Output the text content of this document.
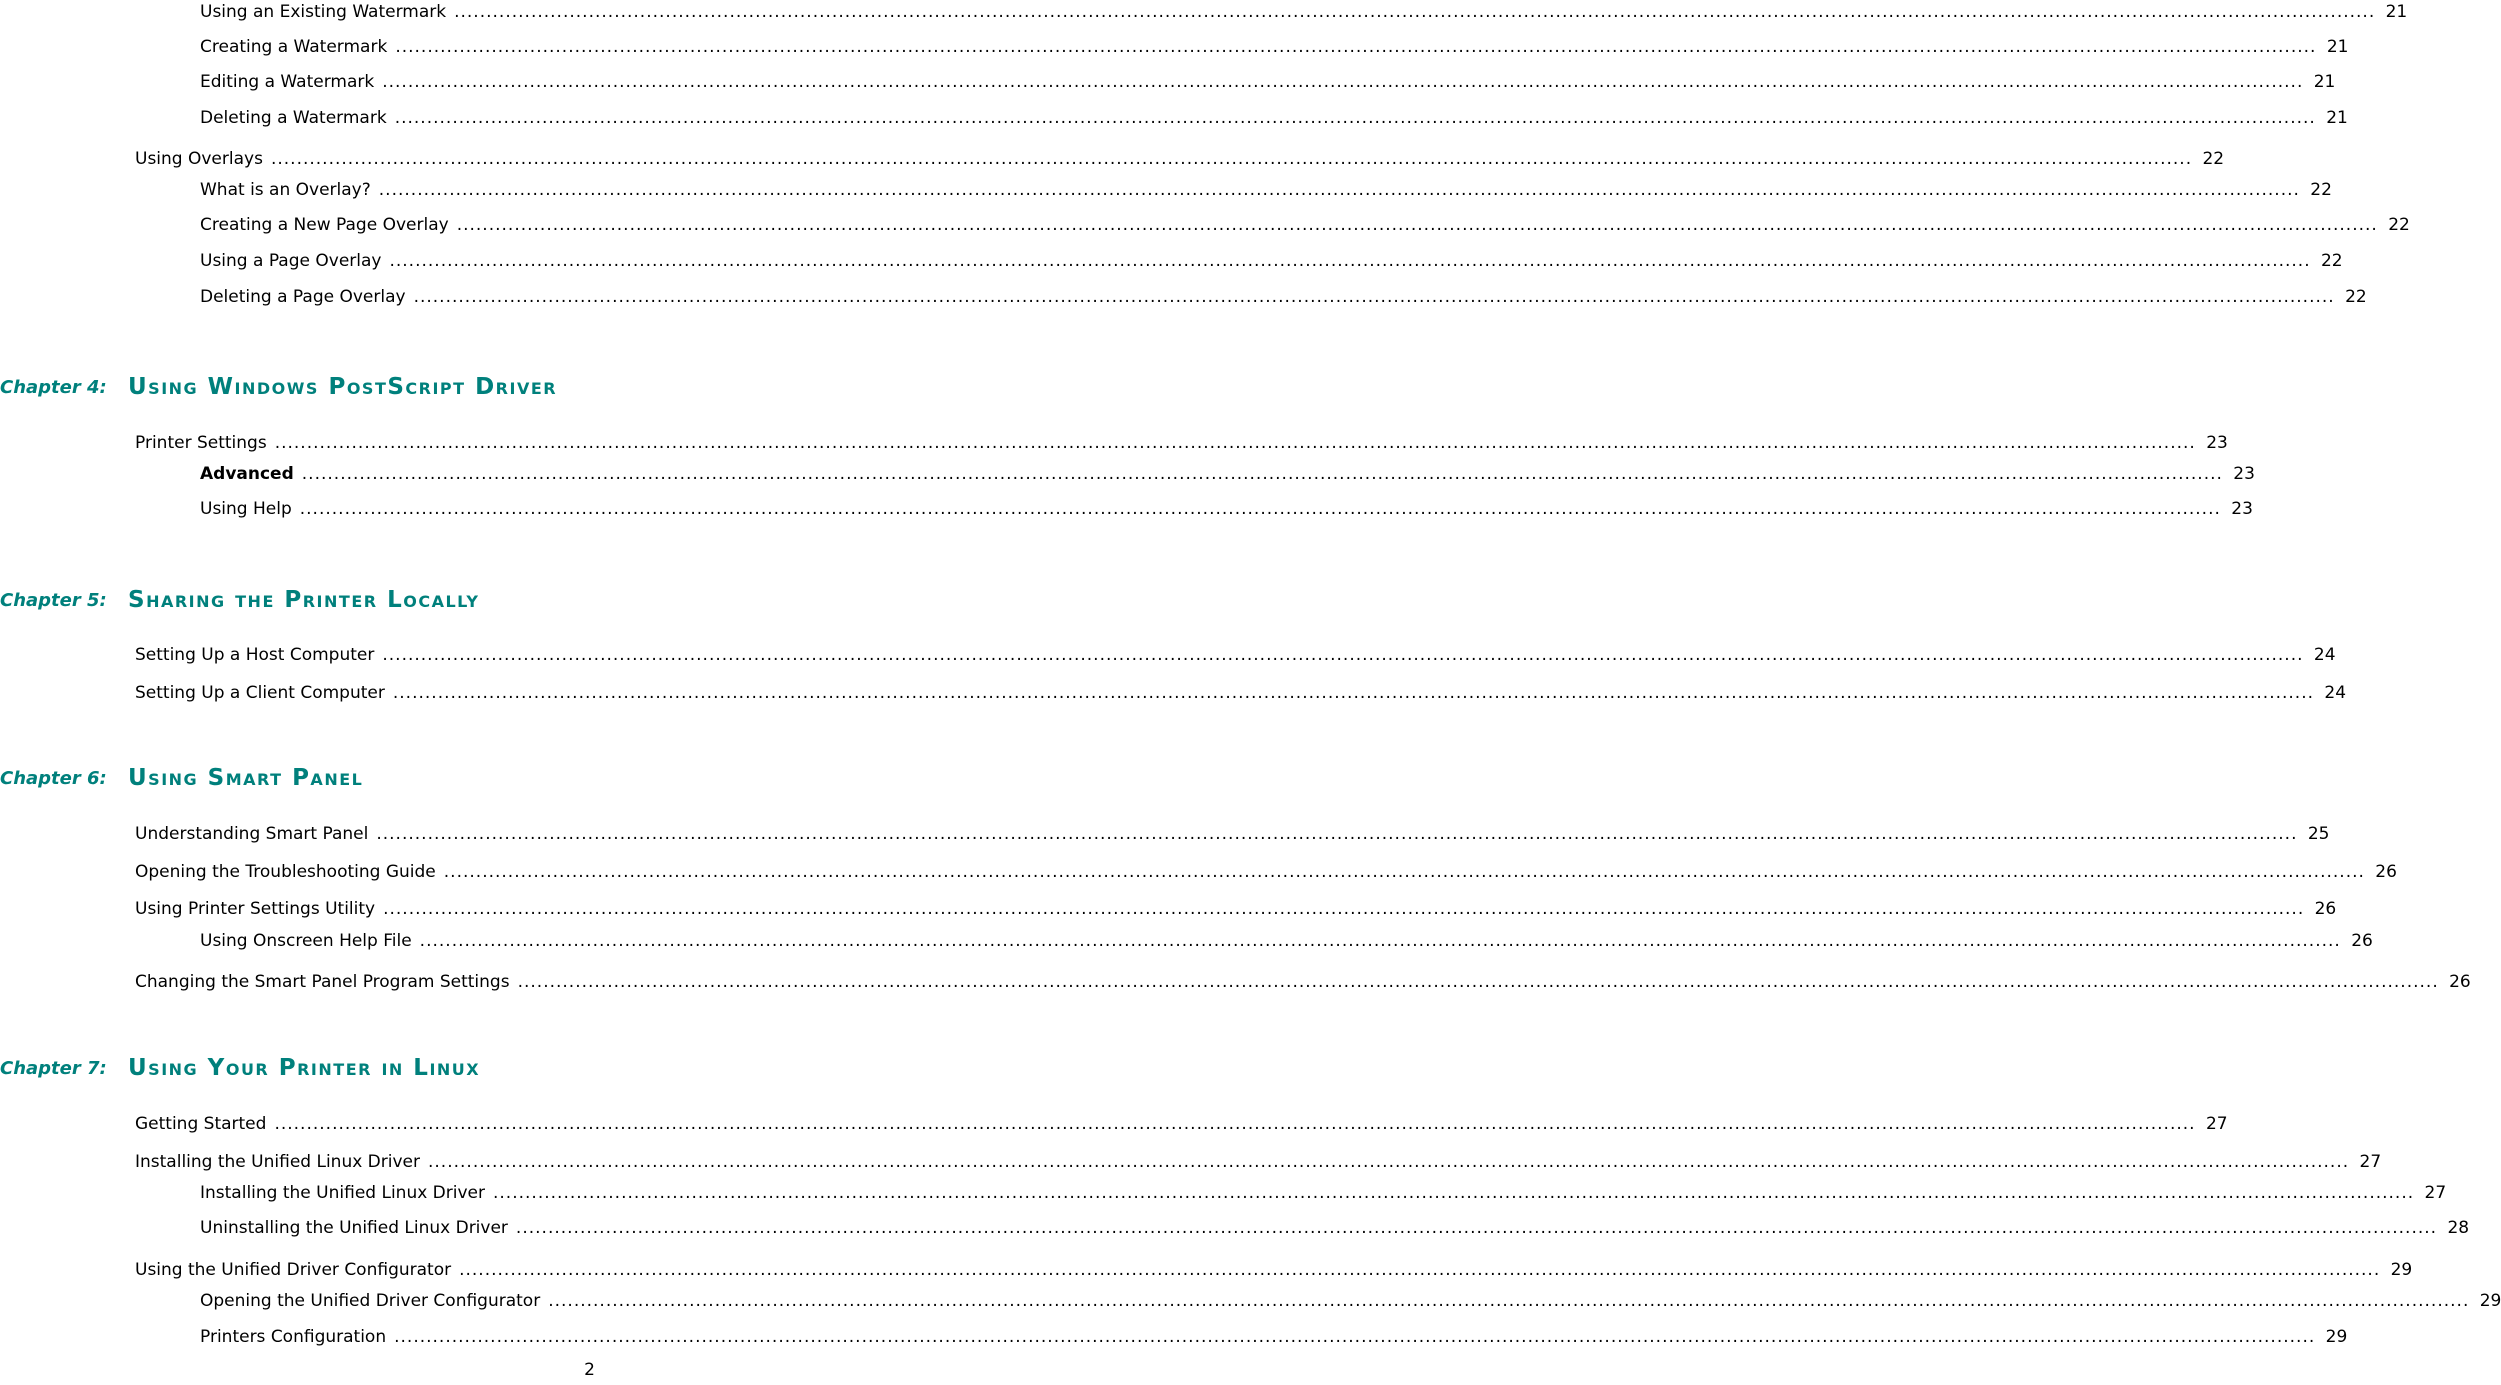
Using an Existing Watermark ............................................................................................................................................................................................................................................................................................................ 21
Creating a Watermark ............................................................................................................................................................................................................................................................................................................ 21
Editing a Watermark ............................................................................................................................................................................................................................................................................................................ 21
Deleting a Watermark ............................................................................................................................................................................................................................................................................................................ 21
Using Overlays ............................................................................................................................................................................................................................................................................................................ 22
What is an Overlay? ............................................................................................................................................................................................................................................................................................................ 22
Creating a New Page Overlay ............................................................................................................................................................................................................................................................................................................ 22
Using a Page Overlay ............................................................................................................................................................................................................................................................................................................ 22
Deleting a Page Overlay ............................................................................................................................................................................................................................................................................................................ 22
Chapter 4: Using Windows PostScript Driver
Printer Settings ............................................................................................................................................................................................................................................................................................................ 23
Advanced ............................................................................................................................................................................................................................................................................................................ 23
Using Help ............................................................................................................................................................................................................................................................................................................ 23
Chapter 5: Sharing the Printer Locally
Setting Up a Host Computer ............................................................................................................................................................................................................................................................................................................ 24
Setting Up a Client Computer ............................................................................................................................................................................................................................................................................................................ 24
Chapter 6: Using Smart Panel
Understanding Smart Panel ............................................................................................................................................................................................................................................................................................................ 25
Opening the Troubleshooting Guide ............................................................................................................................................................................................................................................................................................................ 26
Using Printer Settings Utility ............................................................................................................................................................................................................................................................................................................ 26
Using Onscreen Help File ............................................................................................................................................................................................................................................................................................................ 26
Changing the Smart Panel Program Settings ............................................................................................................................................................................................................................................................................................................ 26
Chapter 7: Using Your Printer in Linux
Getting Started ............................................................................................................................................................................................................................................................................................................ 27
Installing the Unified Linux Driver ............................................................................................................................................................................................................................................................................................................ 27
Installing the Unified Linux Driver ............................................................................................................................................................................................................................................................................................................ 27
Uninstalling the Unified Linux Driver ............................................................................................................................................................................................................................................................................................................ 28
Using the Unified Driver Configurator ............................................................................................................................................................................................................................................................................................................ 29
Opening the Unified Driver Configurator ............................................................................................................................................................................................................................................................................................................ 29
Printers Configuration ............................................................................................................................................................................................................................................................................................................ 29
2
